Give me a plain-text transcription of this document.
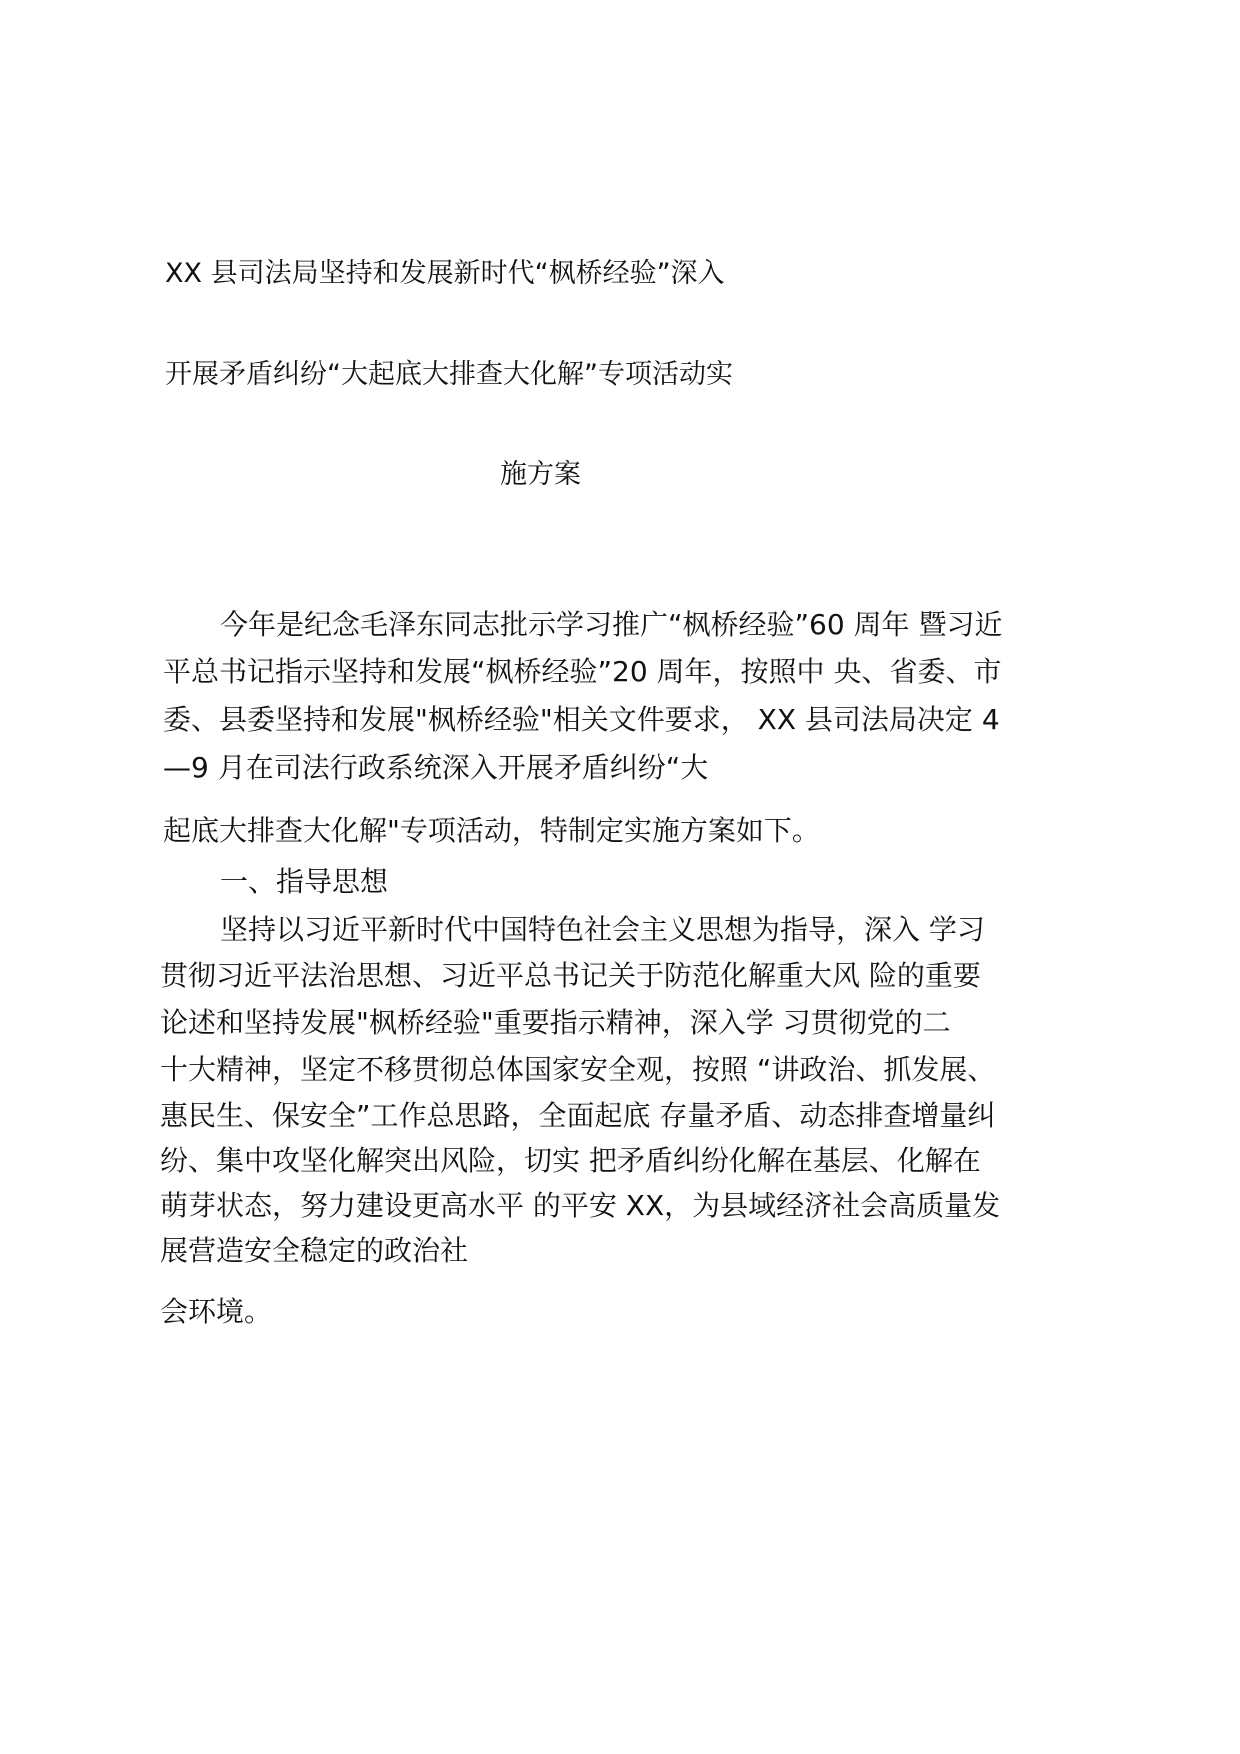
XX 县司法局坚持和发展新时代“枫桥经验”深入
开展矛盾纠纷“大起底大排查大化解”专项活动实
施方案
今年是纪念毛泽东同志批示学习推广“枫桥经验”60 周年 暨习近
平总书记指示坚持和发展“枫桥经验”20 周年，按照中 央、省委、市
委、县委坚持和发展"枫桥经验"相关文件要求， XX 县司法局决定 4
—9 月在司法行政系统深入开展矛盾纠纷“大
起底大排查大化解"专项活动，特制定实施方案如下。
一、指导思想
坚持以习近平新时代中国特色社会主义思想为指导，深入 学习
贯彻习近平法治思想、习近平总书记关于防范化解重大风 险的重要
论述和坚持发展"枫桥经验"重要指示精神，深入学 习贯彻党的二
十大精神，坚定不移贯彻总体国家安全观，按照 “讲政治、抓发展、
惠民生、保安全”工作总思路，全面起底 存量矛盾、动态排查增量纠
纷、集中攻坚化解突出风险，切实 把矛盾纠纷化解在基层、化解在
萌芽状态，努力建设更高水平 的平安 XX，为县域经济社会高质量发
展营造安全稳定的政治社
会环境。
